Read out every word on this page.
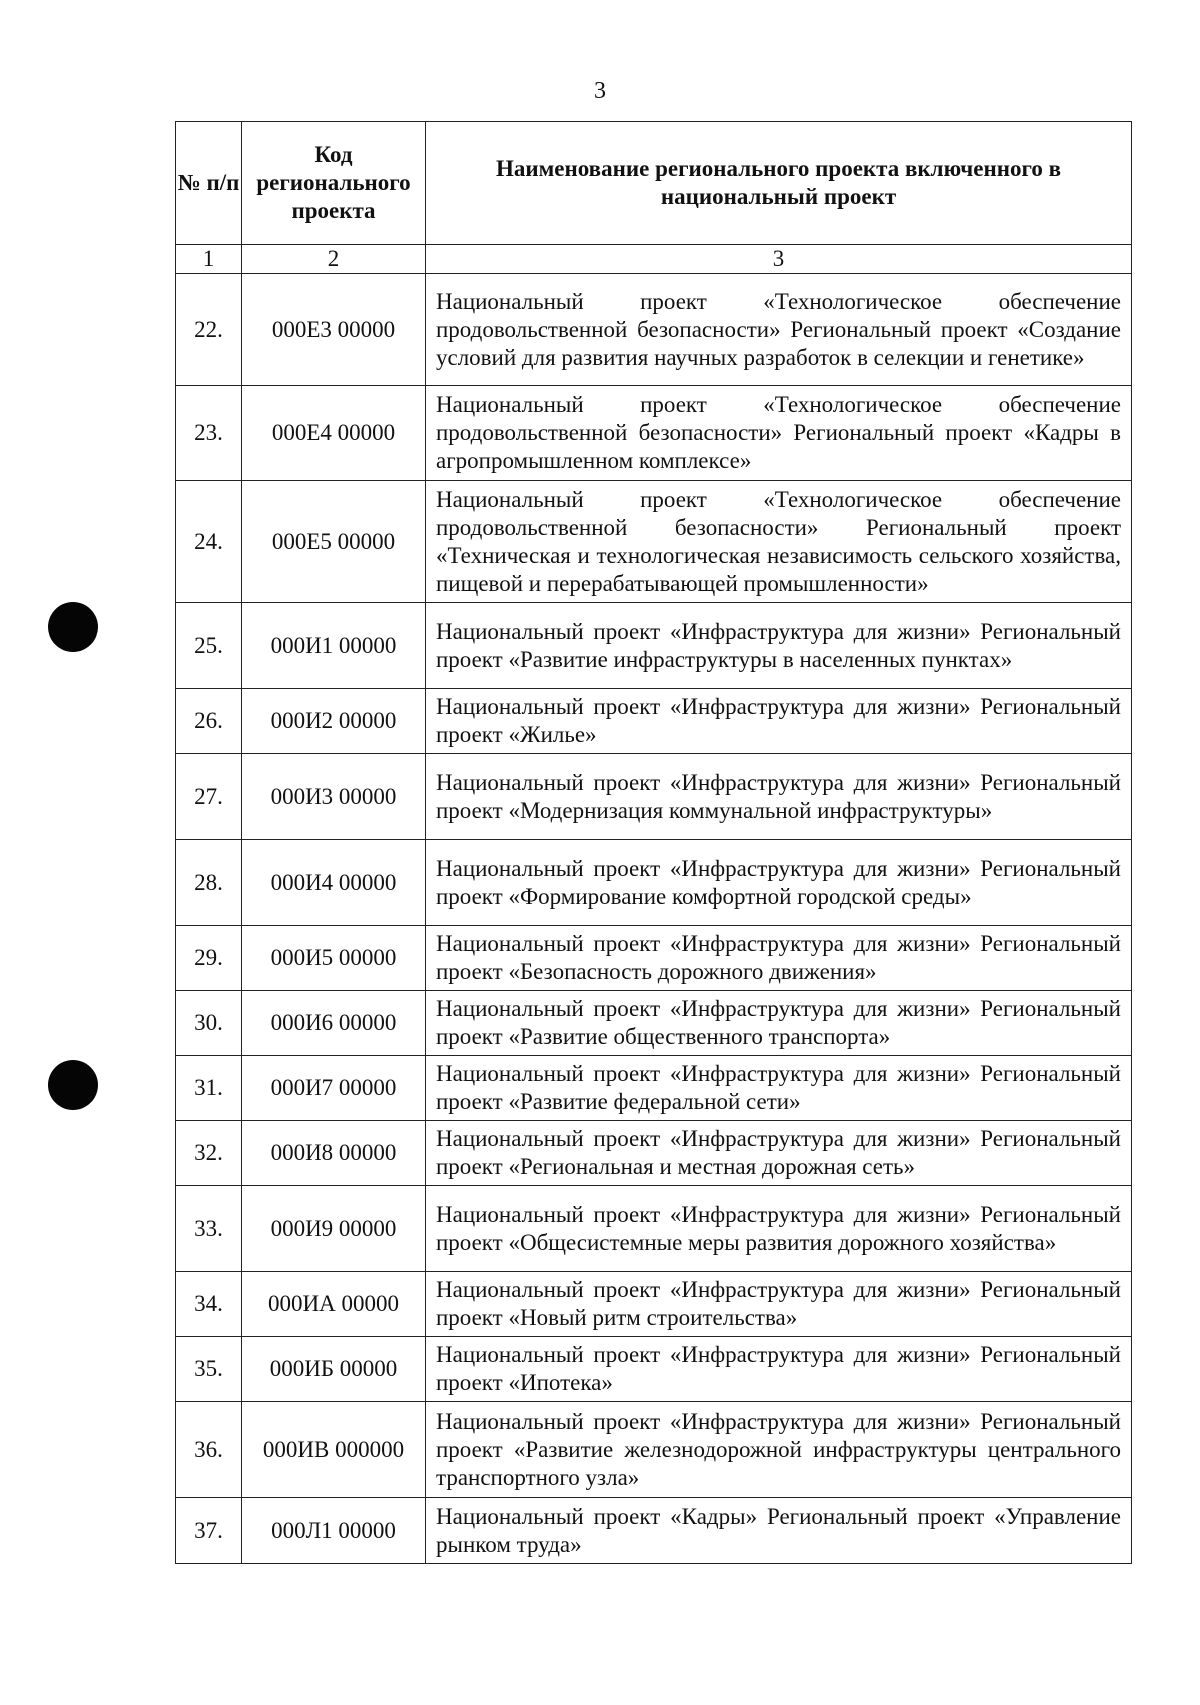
3
№ п/п	Код регионального проекта	Наименование регионального проекта включенного в национальный проект
1	2	3
22.	000Е3 00000	Национальный проект «Технологическое обеспечение продовольственной безопасности» Региональный проект «Создание условий для развития научных разработок в селекции и генетике»

23.	000Е4 00000	Национальный проект «Технологическое обеспечение продовольственной безопасности» Региональный проект «Кадры в агропромышленном комплексе»

24.	000Е5 00000	Национальный проект «Технологическое обеспечение продовольственной безопасности» Региональный проект «Техническая и технологическая независимость сельского хозяйства, пищевой и перерабатывающей промышленности»

25.	000И1 00000	Национальный проект «Инфраструктура для жизни» Региональный проект «Развитие инфраструктуры в населенных пунктах»

26.	000И2 00000	Национальный проект «Инфраструктура для жизни» Региональный проект «Жилье»

27.	000И3 00000	Национальный проект «Инфраструктура для жизни» Региональный проект «Модернизация коммунальной инфраструктуры»

28.	000И4 00000	Национальный проект «Инфраструктура для жизни» Региональный проект «Формирование комфортной городской среды»

29.	000И5 00000	Национальный проект «Инфраструктура для жизни» Региональный проект «Безопасность дорожного движения»

30.	000И6 00000	Национальный проект «Инфраструктура для жизни» Региональный проект «Развитие общественного транспорта»

31.	000И7 00000	Национальный проект «Инфраструктура для жизни» Региональный проект «Развитие федеральной сети»

32.	000И8 00000	Национальный проект «Инфраструктура для жизни» Региональный проект «Региональная и местная дорожная сеть»

33.	000И9 00000	Национальный проект «Инфраструктура для жизни» Региональный проект «Общесистемные меры развития дорожного хозяйства»

34.	000ИА 00000	Национальный проект «Инфраструктура для жизни» Региональный проект «Новый ритм строительства»

35.	000ИБ 00000	Национальный проект «Инфраструктура для жизни» Региональный проект «Ипотека»

36.	000ИВ 000000	Национальный проект «Инфраструктура для жизни» Региональный проект «Развитие железнодорожной инфраструктуры центрального транспортного узла»

37.	000Л1 00000	Национальный проект «Кадры» Региональный проект «Управление рынком труда»
